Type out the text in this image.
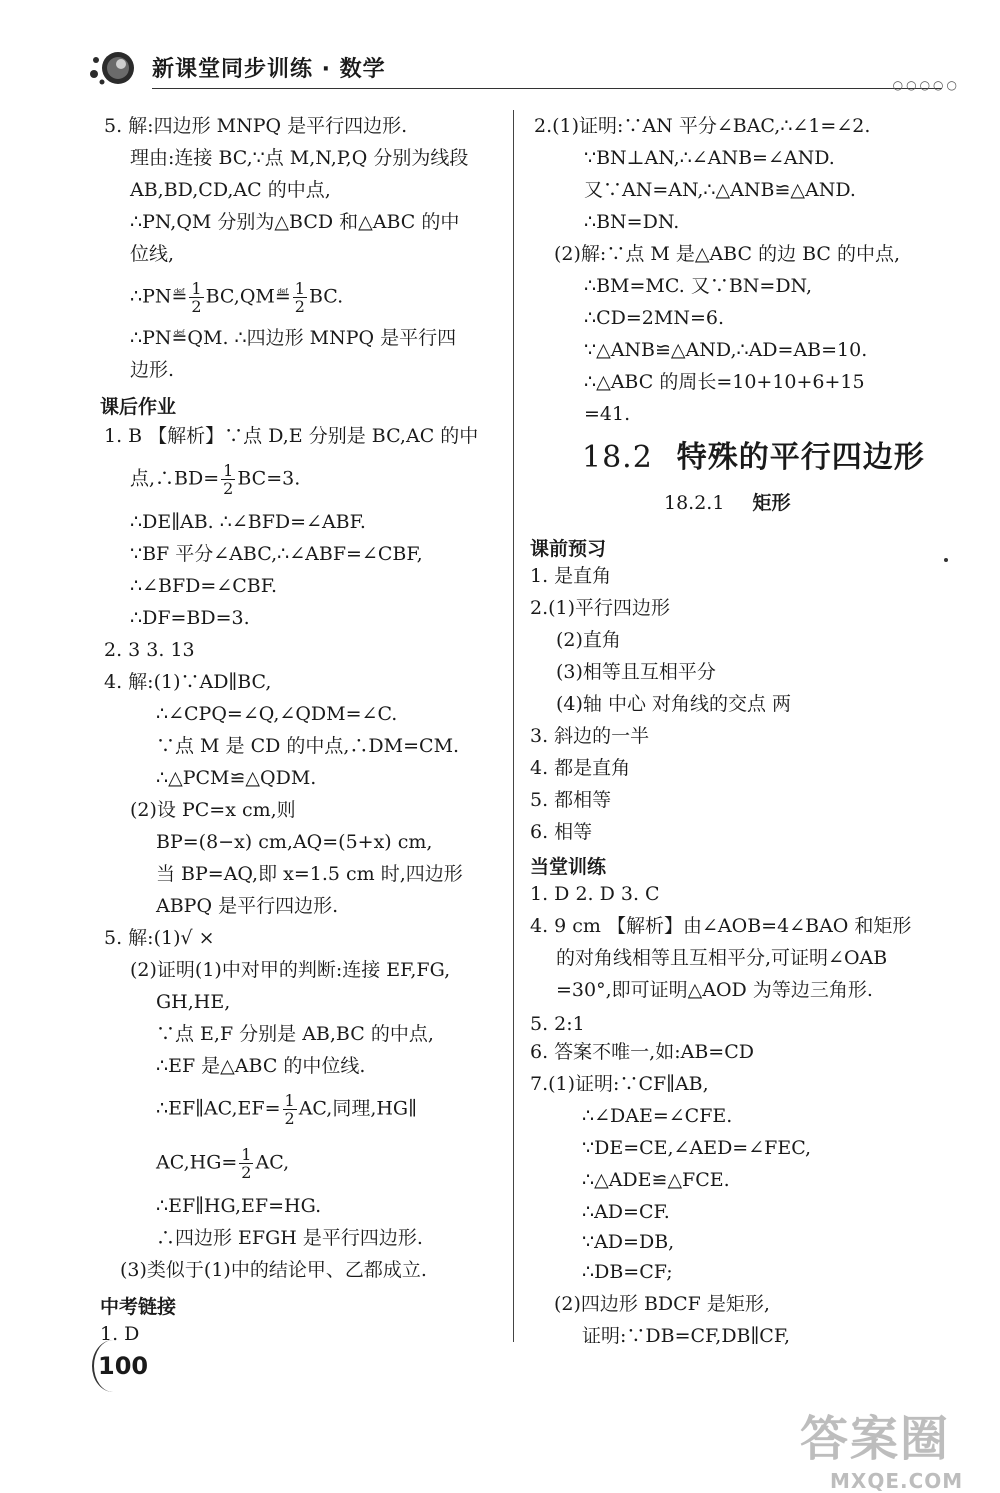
新课堂同步训练 · 数学
○○○○○
5. 解:四边形 MNPQ 是平行四边形.
理由:连接 BC,∵点 M,N,P,Q 分别为线段
AB,BD,CD,AC 的中点,
∴PN,QM 分别为△BCD 和△ABC 的中
位线,
∴PN≝ $\frac{1}{2}$ BC,QM≝ $\frac{1}{2}$ BC.
∴PN≝QM. ∴四边形 MNPQ 是平行四
边形.
课后作业
1. B 【解析】∵点 D,E 分别是 BC,AC 的中
点,∴BD= $\frac{1}{2} BC=3$.
∴DE∥AB. ∴∠BFD=∠ABF.
∵BF 平分∠ABC,∴∠ABF=∠CBF,
∴∠BFD=∠CBF.
∴DF=BD=3.
2. 3 3. 13
4. 解:(1)∵AD∥BC,
∴∠CPQ=∠Q,∠QDM=∠C.
∵点 M 是 CD 的中点,∴DM=CM.
∴△PCM≌△QDM.
(2)设 PC=x cm,则
BP=(8−x) cm,AQ=(5+x) cm,
当 BP=AQ,即 x=1.5 cm 时,四边形
ABPQ 是平行四边形.
5. 解:(1)√ ×
(2)证明(1)中对甲的判断:连接 EF,FG,
GH,HE,
∵点 E,F 分别是 AB,BC 的中点,
∴EF 是△ABC 的中位线.
∴EF∥AC,EF= $\frac{1}{2}$ AC,同理,HG∥
$AC,HG= \frac{1}{2}$ AC,
∴EF∥HG,EF=HG.
∴四边形 EFGH 是平行四边形.
(3)类似于(1)中的结论甲、乙都成立.
中考链接
1. D
2.(1)证明:∵AN 平分∠BAC,∴∠1=∠2.
∵BN⊥AN,∴∠ANB=∠AND.
又∵AN=AN,∴△ANB≌△AND.
∴BN=DN.
(2)解:∵点 M 是△ABC 的边 BC 的中点,
∴BM=MC. 又∵BN=DN,
∴CD=2MN=6.
∵△ANB≌△AND,∴AD=AB=10.
∴△ABC 的周长=10+10+6+15
=41.
18.2 特殊的平行四边形
18.2.1 矩形
课前预习
1. 是直角
2.(1)平行四边形
(2)直角
(3)相等且互相平分
(4)轴 中心 对角线的交点 两
3. 斜边的一半
4. 都是直角
5. 都相等
6. 相等
当堂训练
1. D 2. D 3. C
4. 9 cm 【解析】由∠AOB=4∠BAO 和矩形
的对角线相等且互相平分,可证明∠OAB
=30°,即可证明△AOD 为等边三角形.
5. 2:1
6. 答案不唯一,如:AB=CD
7.(1)证明:∵CF∥AB,
∴∠DAE=∠CFE.
∵DE=CE,∠AED=∠FEC,
∴△ADE≌△FCE.
∴AD=CF.
∵AD=DB,
∴DB=CF;
(2)四边形 BDCF 是矩形,
证明:∵DB=CF,DB∥CF,
100
答案圈
MXQE.COM
